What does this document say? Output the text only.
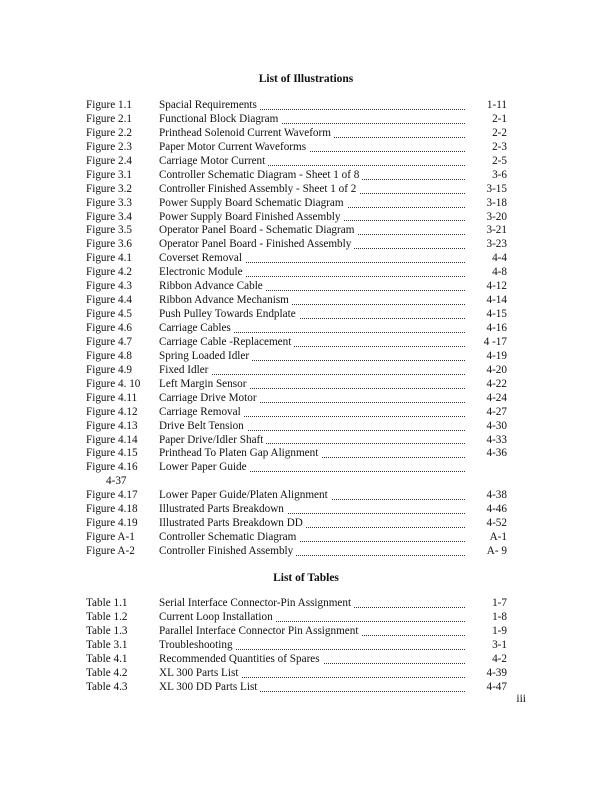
List of Illustrations
Figure 1.1 Spacial Requirements	1-11
Figure 2.1 Functional Block Diagram	2-1
Figure 2.2 Printhead Solenoid Current Waveform	2-2
Figure 2.3 Paper Motor Current Waveforms	2-3
Figure 2.4 Carriage Motor Current	2-5
Figure 3.1 Controller Schematic Diagram - Sheet 1 of 8	3-6
Figure 3.2 Controller Finished Assembly - Sheet 1 of 2	3-15
Figure 3.3 Power Supply Board Schematic Diagram	3-18
Figure 3.4 Power Supply Board Finished Assembly	3-20
Figure 3.5 Operator Panel Board - Schematic Diagram	3-21
Figure 3.6 Operator Panel Board - Finished Assembly	3-23
Figure 4.1 Coverset Removal	4-4
Figure 4.2 Electronic Module	4-8
Figure 4.3 Ribbon Advance Cable	4-12
Figure 4.4 Ribbon Advance Mechanism	4-14
Figure 4.5 Push Pulley Towards Endplate	4-15
Figure 4.6 Carriage Cables	4-16
Figure 4.7 Carriage Cable -Replacement	4 -17
Figure 4.8 Spring Loaded Idler	4-19
Figure 4.9 Fixed Idler	4-20
Figure 4. 10 Left Margin Sensor	4-22
Figure 4.11 Carriage Drive Motor	4-24
Figure 4.12 Carriage Removal	4-27
Figure 4.13 Drive Belt Tension	4-30
Figure 4.14 Paper Drive/Idler Shaft	4-33
Figure 4.15 Printhead To Platen Gap Alignment	4-36
Figure 4.16 Lower Paper Guide
4-37
Figure 4.17 Lower Paper Guide/Platen Alignment	4-38
Figure 4.18 Illustrated Parts Breakdown	4-46
Figure 4.19 Illustrated Parts Breakdown DD	4-52
Figure A-1 Controller Schematic Diagram	A-1
Figure A-2 Controller Finished Assembly	A- 9
List of Tables
Table 1.1	Serial Interface Connector-Pin Assignment	1-7
Table 1.2	Current Loop Installation	1-8
Table 1.3	Parallel Interface Connector Pin Assignment	1-9
Table 3.1	Troubleshooting	3-1
Table 4.1	Recommended Quantities of Spares	4-2
Table 4.2	XL 300 Parts List	4-39
Table 4.3	XL 300 DD Parts List	4-47

iii
